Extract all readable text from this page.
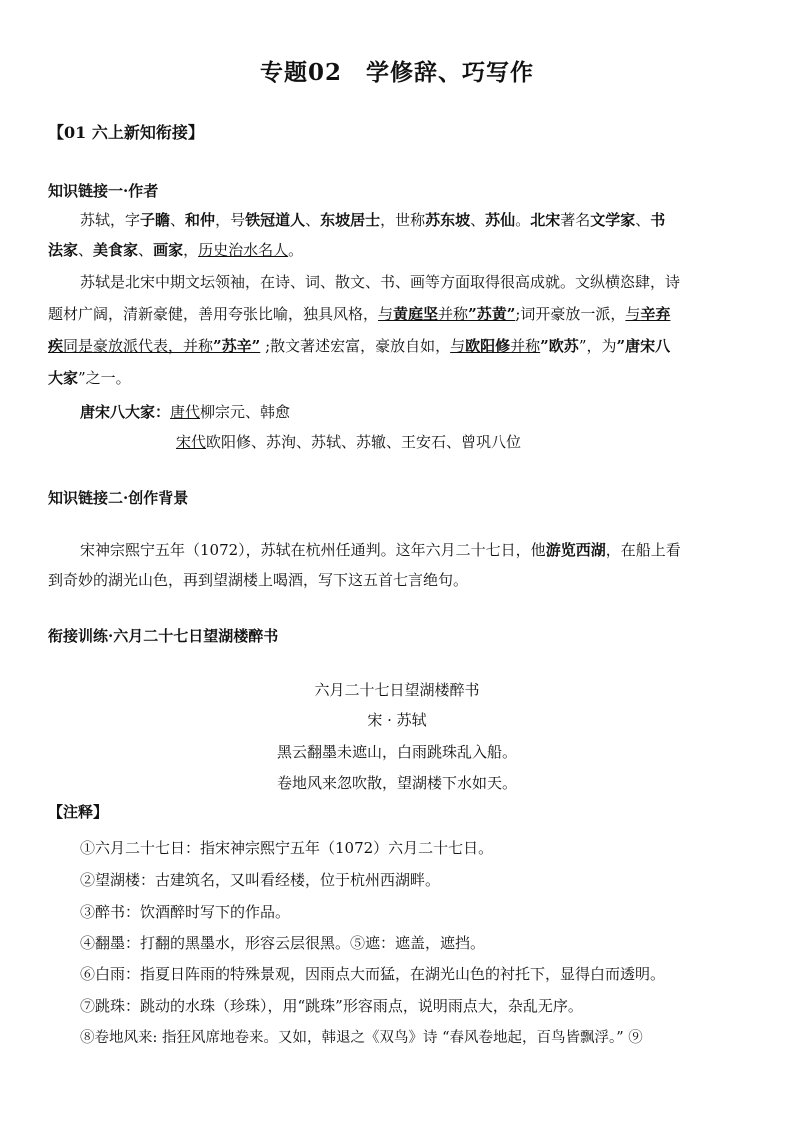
专题02　学修辞、巧写作
【01 六上新知衔接】
知识链接一·作者
苏轼，字子瞻、和仲，号铁冠道人、东坡居士，世称苏东坡、苏仙。北宋著名文学家、书
法家、美食家、画家，历史治水名人。
苏轼是北宋中期文坛领袖，在诗、词、散文、书、画等方面取得很高成就。文纵横恣肆，诗
题材广阔，清新豪健，善用夸张比喻，独具风格，与黄庭坚并称”苏黄”;词开豪放一派，与辛弃
疾同是豪放派代表，并称”苏辛” ;散文著述宏富，豪放自如，与欧阳修并称”欧苏”，为”唐宋八
大家”之一。
唐宋八大家：唐代柳宗元、韩愈
宋代欧阳修、苏洵、苏轼、苏辙、王安石、曾巩八位
知识链接二·创作背景
宋神宗熙宁五年（1072），苏轼在杭州任通判。这年六月二十七日，他游览西湖，在船上看
到奇妙的湖光山色，再到望湖楼上喝酒，写下这五首七言绝句。
衔接训练·六月二十七日望湖楼醉书
六月二十七日望湖楼醉书
宋 · 苏轼
黑云翻墨未遮山，白雨跳珠乱入船。
卷地风来忽吹散，望湖楼下水如天。
【注释】
①六月二十七日：指宋神宗熙宁五年（1072）六月二十七日。
②望湖楼：古建筑名，又叫看经楼，位于杭州西湖畔。
③醉书：饮酒醉时写下的作品。
④翻墨：打翻的黑墨水，形容云层很黑。⑤遮：遮盖，遮挡。
⑥白雨：指夏日阵雨的特殊景观，因雨点大而猛，在湖光山色的衬托下，显得白而透明。
⑦跳珠：跳动的水珠（珍珠），用“跳珠”形容雨点，说明雨点大，杂乱无序。
⑧卷地风来: 指狂风席地卷来。又如，韩退之《双鸟》诗 “春风卷地起，百鸟皆飘浮。” ⑨
